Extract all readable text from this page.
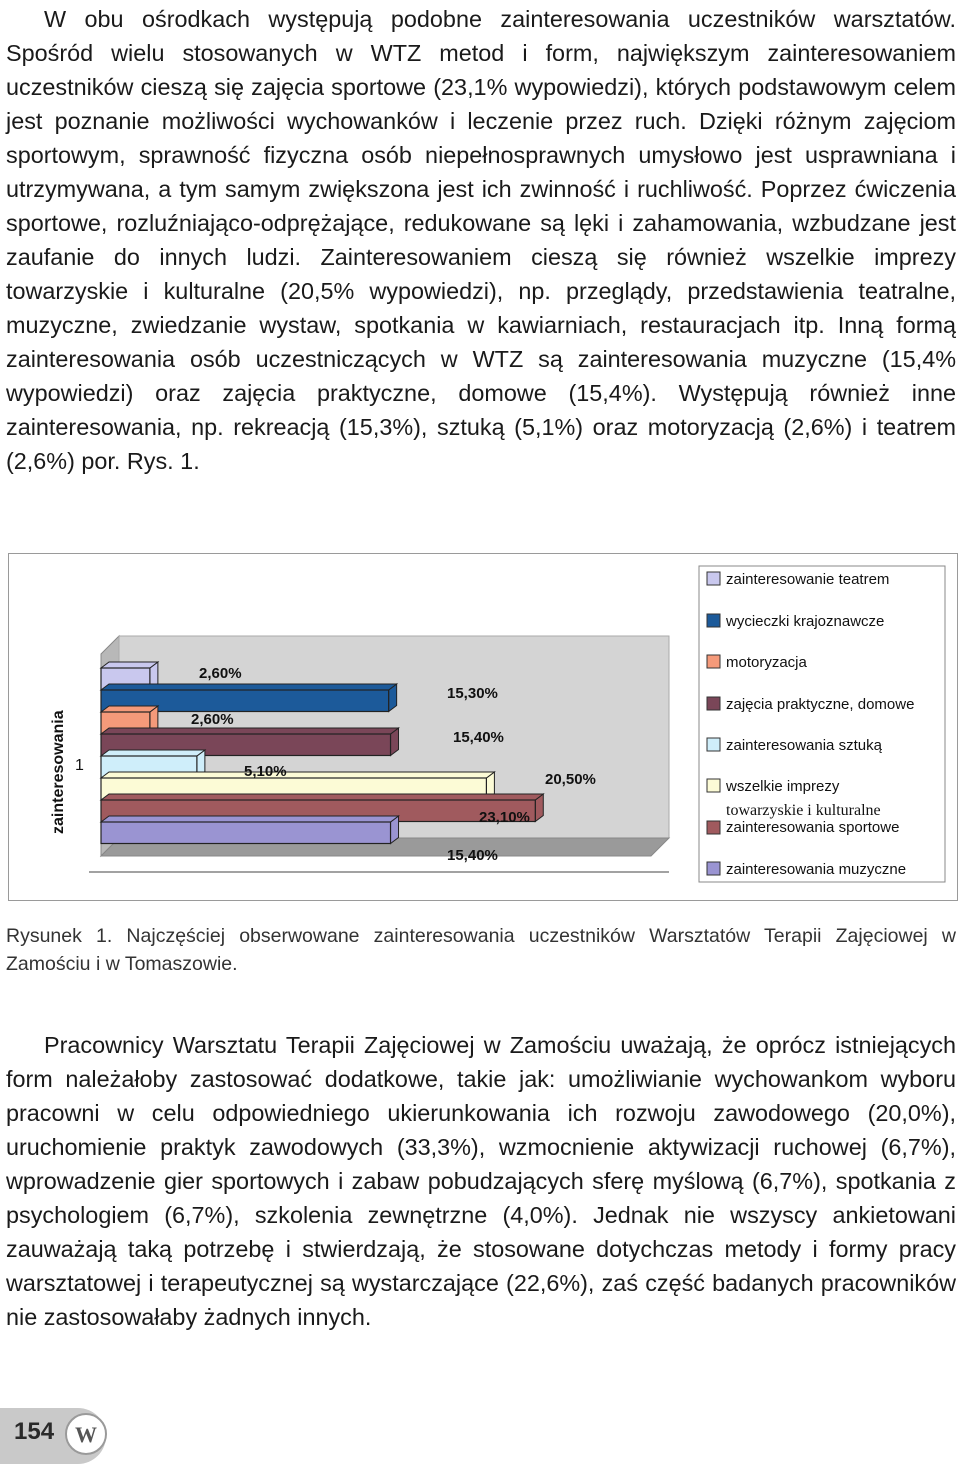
W obu ośrodkach występują podobne zainteresowania uczestników warsztatów. Spośród wielu stosowanych w WTZ metod i form, największym zainteresowaniem uczestników cieszą się zajęcia sportowe (23,1% wypowiedzi), których podstawowym celem jest poznanie możliwości wychowanków i leczenie przez ruch. Dzięki różnym zajęciom sportowym, sprawność fizyczna osób niepełnosprawnych umysłowo jest usprawniana i utrzymywana, a tym samym zwiększona jest ich zwinność i ruchliwość. Poprzez ćwiczenia sportowe, rozluźniająco-odprężające, redukowane są lęki i zahamowania, wzbudzane jest zaufanie do innych ludzi. Zainteresowaniem cieszą się również wszelkie imprezy towarzyskie i kulturalne (20,5% wypowiedzi), np. przeglądy, przedstawienia teatralne, muzyczne, zwiedzanie wystaw, spotkania w kawiarniach, restauracjach itp. Inną formą zainteresowania osób uczestniczących w WTZ są zainteresowania muzyczne (15,4% wypowiedzi) oraz zajęcia praktyczne, domowe (15,4%). Występują również inne zainteresowania, np. rekreacją (15,3%), sztuką (5,1%) oraz motoryzacją (2,6%) i teatrem (2,6%) por. Rys. 1.

2,60%
15,30%
2,60%
15,40%
5,10%	20,50%
23,10%
15,40%
zainteresowania 1
zainteresowanie teatrem
wycieczki krajoznawcze
motoryzacja
zajęcia praktyczne, domowe
zainteresowania sztuką
wszelkie imprezy
towarzyskie i kulturalne
zainteresowania sportowe
zainteresowania muzyczne

Rysunek 1. Najczęściej obserwowane zainteresowania uczestników Warsztatów Terapii Zajęciowej w Zamościu i w Tomaszowie.

Pracownicy Warsztatu Terapii Zajęciowej w Zamościu uważają, że oprócz istniejących form należałoby zastosować dodatkowe, takie jak: umożliwianie wychowankom wyboru pracowni w celu odpowiedniego ukierunkowania ich rozwoju zawodowego (20,0%), uruchomienie praktyk zawodowych (33,3%), wzmocnienie aktywizacji ruchowej (6,7%), wprowadzenie gier sportowych i zabaw pobudzających sferę myślową (6,7%), spotkania z psychologiem (6,7%), szkolenia zewnętrzne (4,0%). Jednak nie wszyscy ankietowani zauważają taką potrzebę i stwierdzają, że stosowane dotychczas metody i formy pracy warsztatowej i terapeutycznej są wystarczające (22,6%), zaś część badanych pracowników nie zastosowałaby żadnych innych.

W
154
